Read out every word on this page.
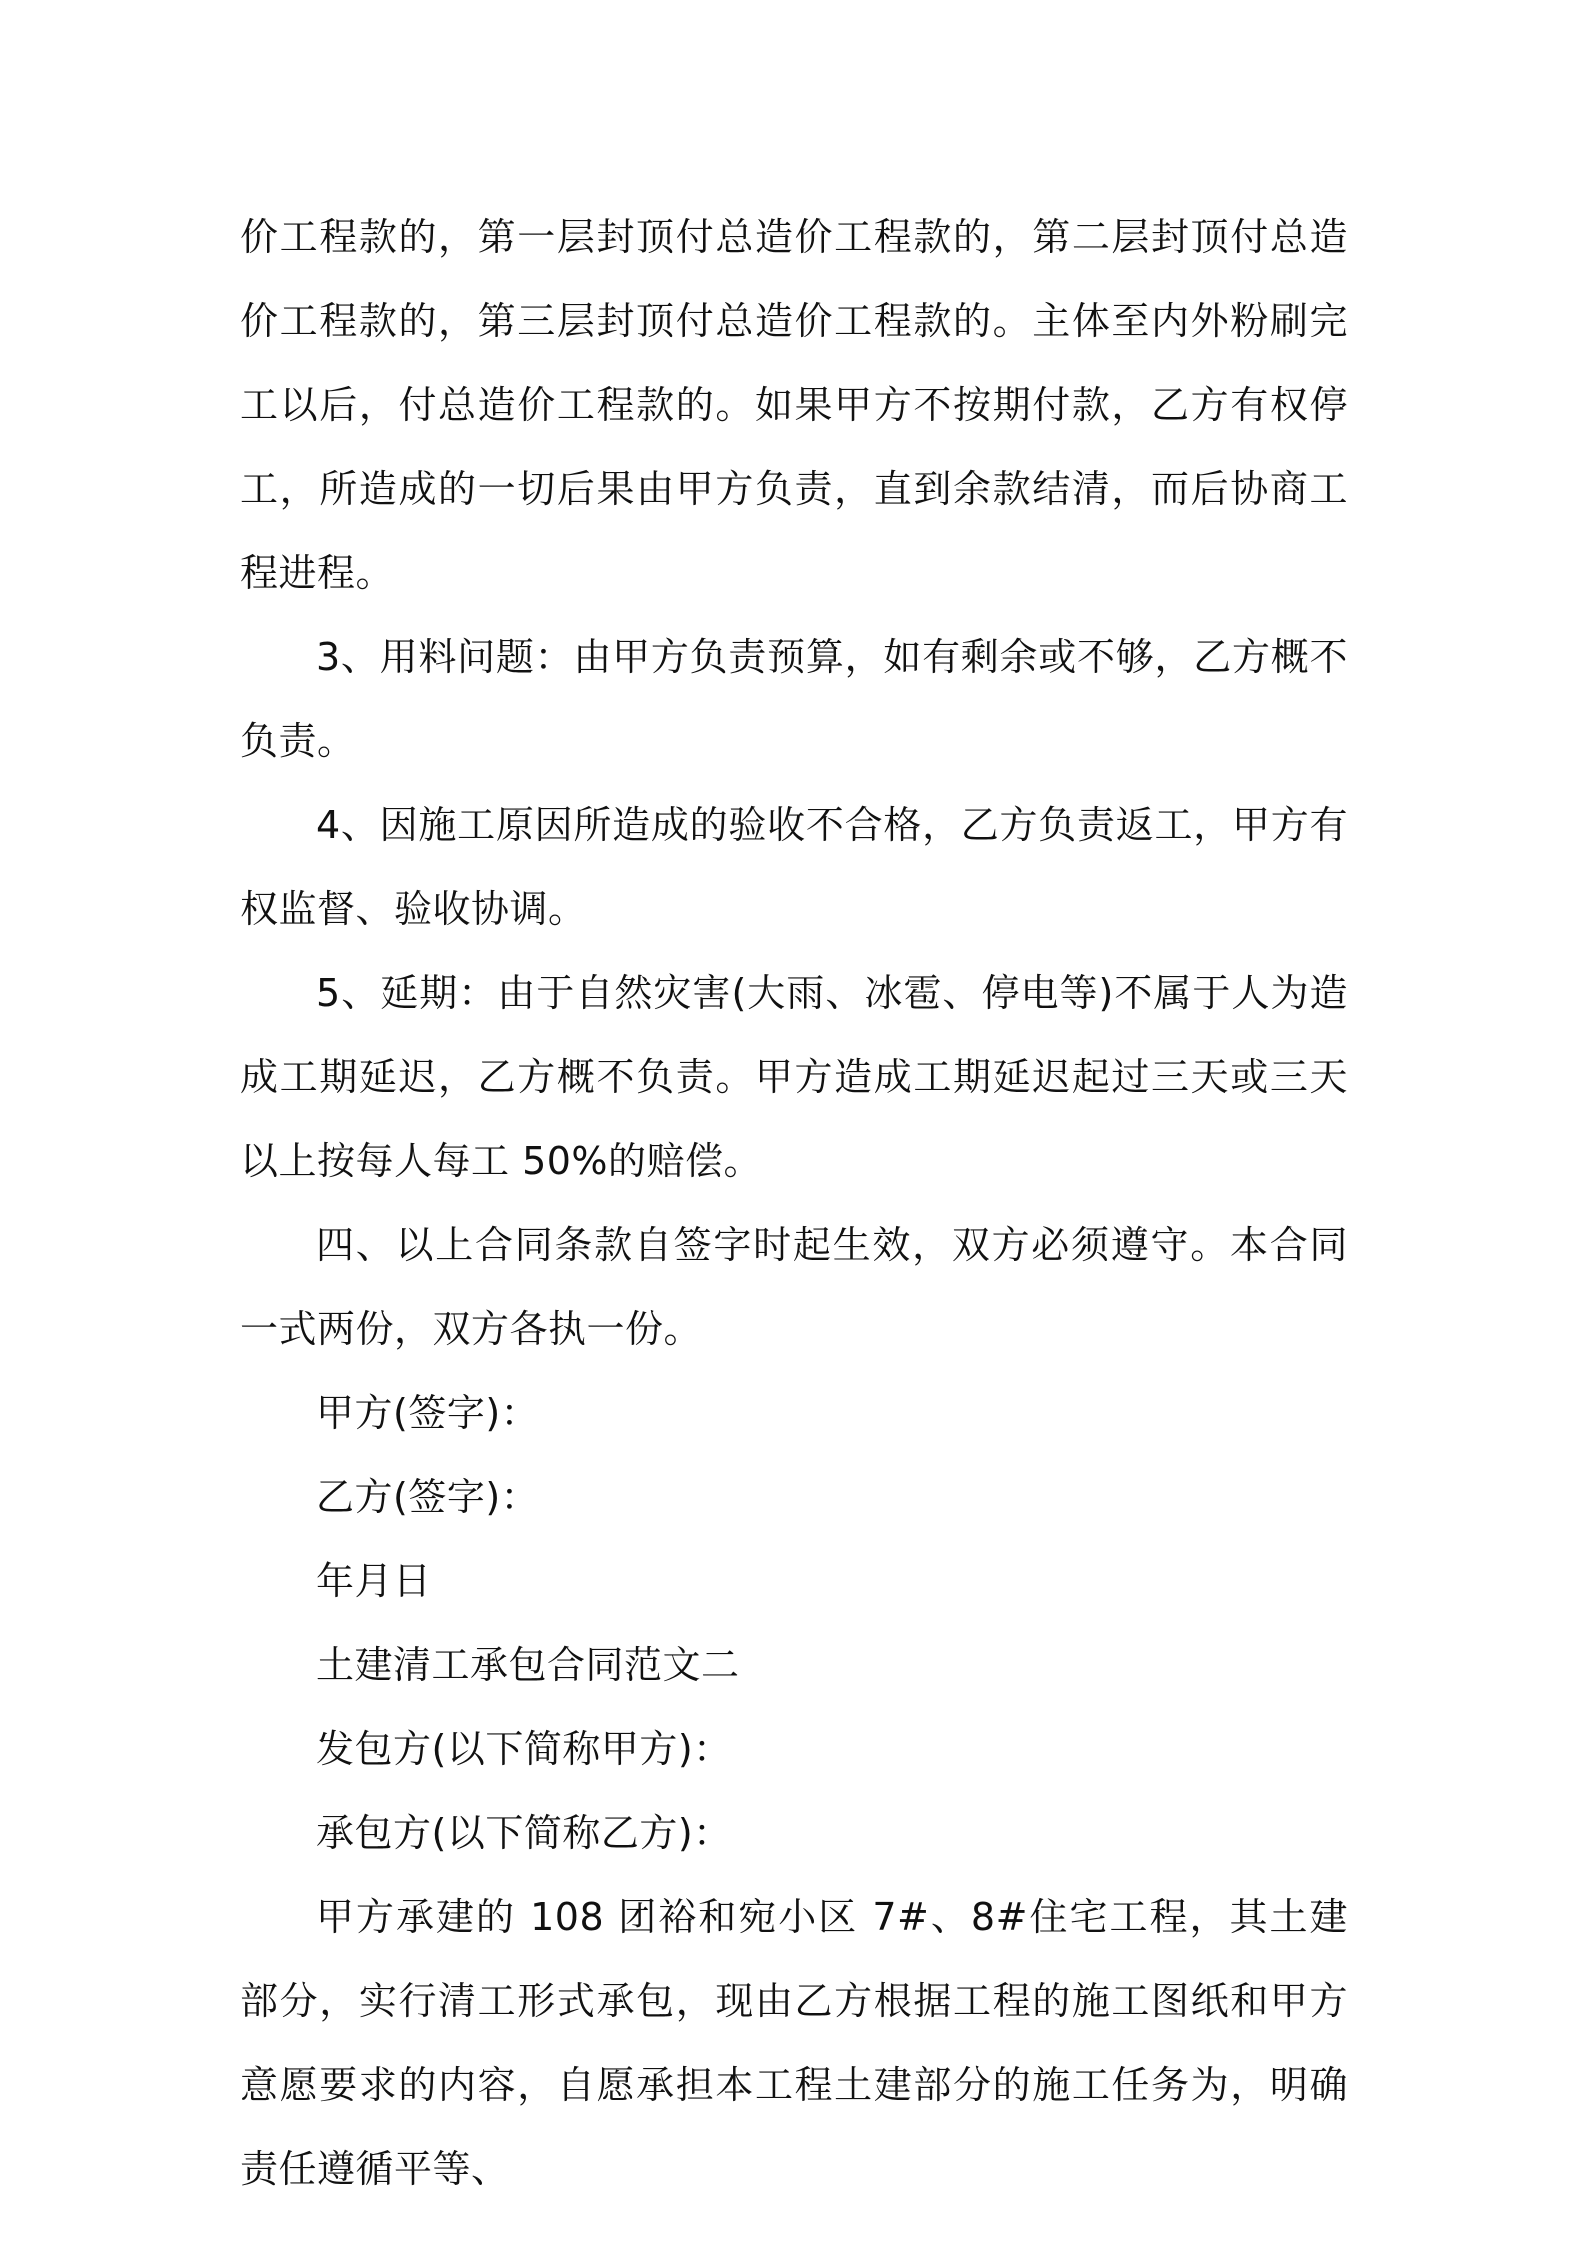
价工程款的，第一层封顶付总造价工程款的，第二层封顶付总造价工程款的，第三层封顶付总造价工程款的。主体至内外粉刷完工以后，付总造价工程款的。如果甲方不按期付款，乙方有权停工，所造成的一切后果由甲方负责，直到余款结清，而后协商工程进程。

3、用料问题：由甲方负责预算，如有剩余或不够，乙方概不负责。

4、因施工原因所造成的验收不合格，乙方负责返工，甲方有权监督、验收协调。

5、延期：由于自然灾害(大雨、冰雹、停电等)不属于人为造成工期延迟，乙方概不负责。甲方造成工期延迟起过三天或三天以上按每人每工 50%的赔偿。

四、以上合同条款自签字时起生效，双方必须遵守。本合同一式两份，双方各执一份。

甲方(签字)：

乙方(签字)：

年月日

土建清工承包合同范文二

发包方(以下简称甲方)：

承包方(以下简称乙方)：

甲方承建的 108 团裕和宛小区 7#、8#住宅工程，其土建部分，实行清工形式承包，现由乙方根据工程的施工图纸和甲方意愿要求的内容，自愿承担本工程土建部分的施工任务为，明确责任遵循平等、
